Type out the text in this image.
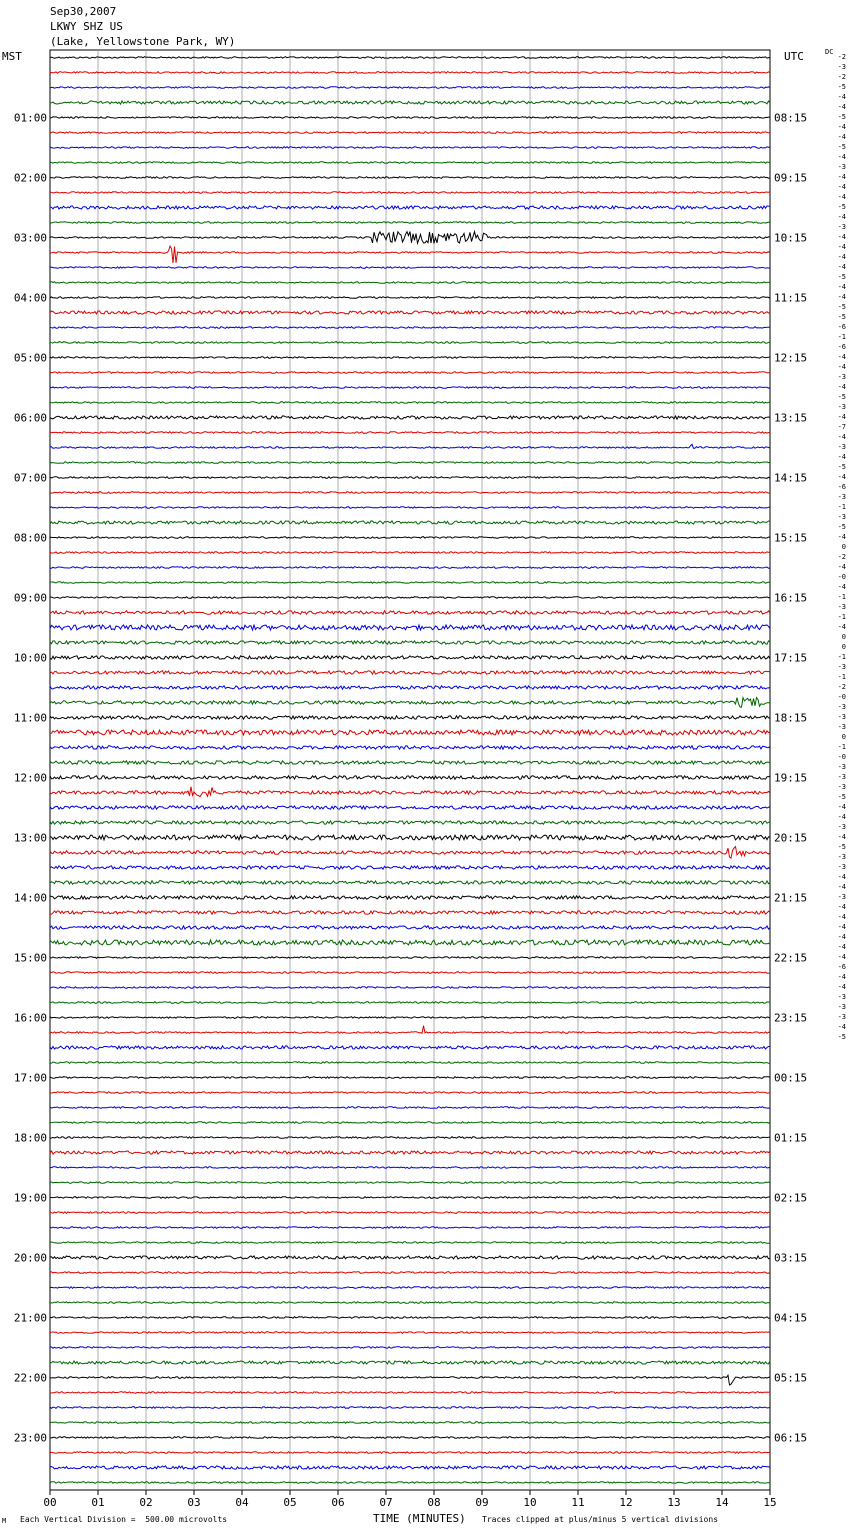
Sep30,2007
LKWY SHZ US
(Lake, Yellowstone Park, WY)
MST	UTC	DC
01:00
02:00
03:00
04:00
05:00
06:00
07:00
08:00
09:00
10:00
11:00
12:00
13:00
14:00
15:00
16:00
17:00
18:00
19:00
20:00
21:00
22:00
23:00
08:15
09:15
10:15
11:15
12:15
13:15
14:15
15:15
16:15
17:15
18:15
19:15
20:15
21:15
22:15
23:15
00:15
01:15
02:15
03:15
04:15
05:15
06:15
-2
-3
-2
-5
-4
-4
-5
-4
-4
-5
-4
-3
-4
-4
-4
-5
-4
-3
-4
-4
-4
-4
-5
-4
-4
-5
-5
-6
-1
-6
-4
-4
-3
-4
-5
-3
-4
-7
-4
-3
-4
-5
-4
-6
-3
-1
-3
-5
-4
0
-2
-4
-0
-4
-1
-3
-1
-4
0
0
-1
-3
-1
-2
-0
-3
-3
-3
0
-1
-0
-3
-3
-3
-5
-4
-4
-3
-4
-5
-3
-3
-4
-4
-3
-4
-4
-4
-4
-4
-4
-6
-4
-4
-3
-3
-3
-4
-5
00	01	02	03	04	05	06	07	08	09	10	11	12	13	14	15
M Each Vertical Division =  500.00 microvolts	TIME (MINUTES) Traces clipped at plus/minus 5 vertical divisions
